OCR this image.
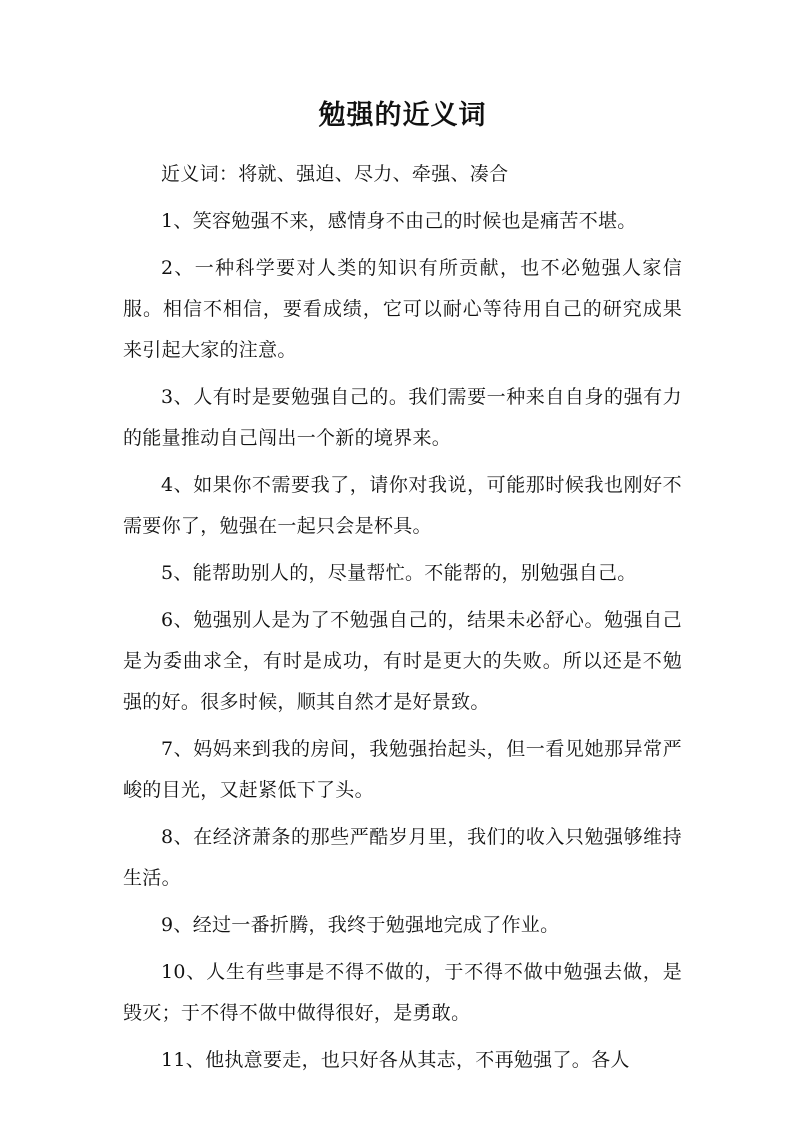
勉强的近义词

近义词：将就、强迫、尽力、牵强、凑合

1、笑容勉强不来，感情身不由己的时候也是痛苦不堪。

2、一种科学要对人类的知识有所贡献，也不必勉强人家信服。相信不相信，要看成绩，它可以耐心等待用自己的研究成果来引起大家的注意。

3、人有时是要勉强自己的。我们需要一种来自自身的强有力的能量推动自己闯出一个新的境界来。

4、如果你不需要我了，请你对我说，可能那时候我也刚好不需要你了，勉强在一起只会是杯具。

5、能帮助别人的，尽量帮忙。不能帮的，别勉强自己。

6、勉强别人是为了不勉强自己的，结果未必舒心。勉强自己是为委曲求全，有时是成功，有时是更大的失败。所以还是不勉强的好。很多时候，顺其自然才是好景致。

7、妈妈来到我的房间，我勉强抬起头，但一看见她那异常严峻的目光，又赶紧低下了头。

8、在经济萧条的那些严酷岁月里，我们的收入只勉强够维持生活。

9、经过一番折腾，我终于勉强地完成了作业。

10、人生有些事是不得不做的，于不得不做中勉强去做，是毁灭；于不得不做中做得很好，是勇敢。

11、他执意要走，也只好各从其志，不再勉强了。各人
